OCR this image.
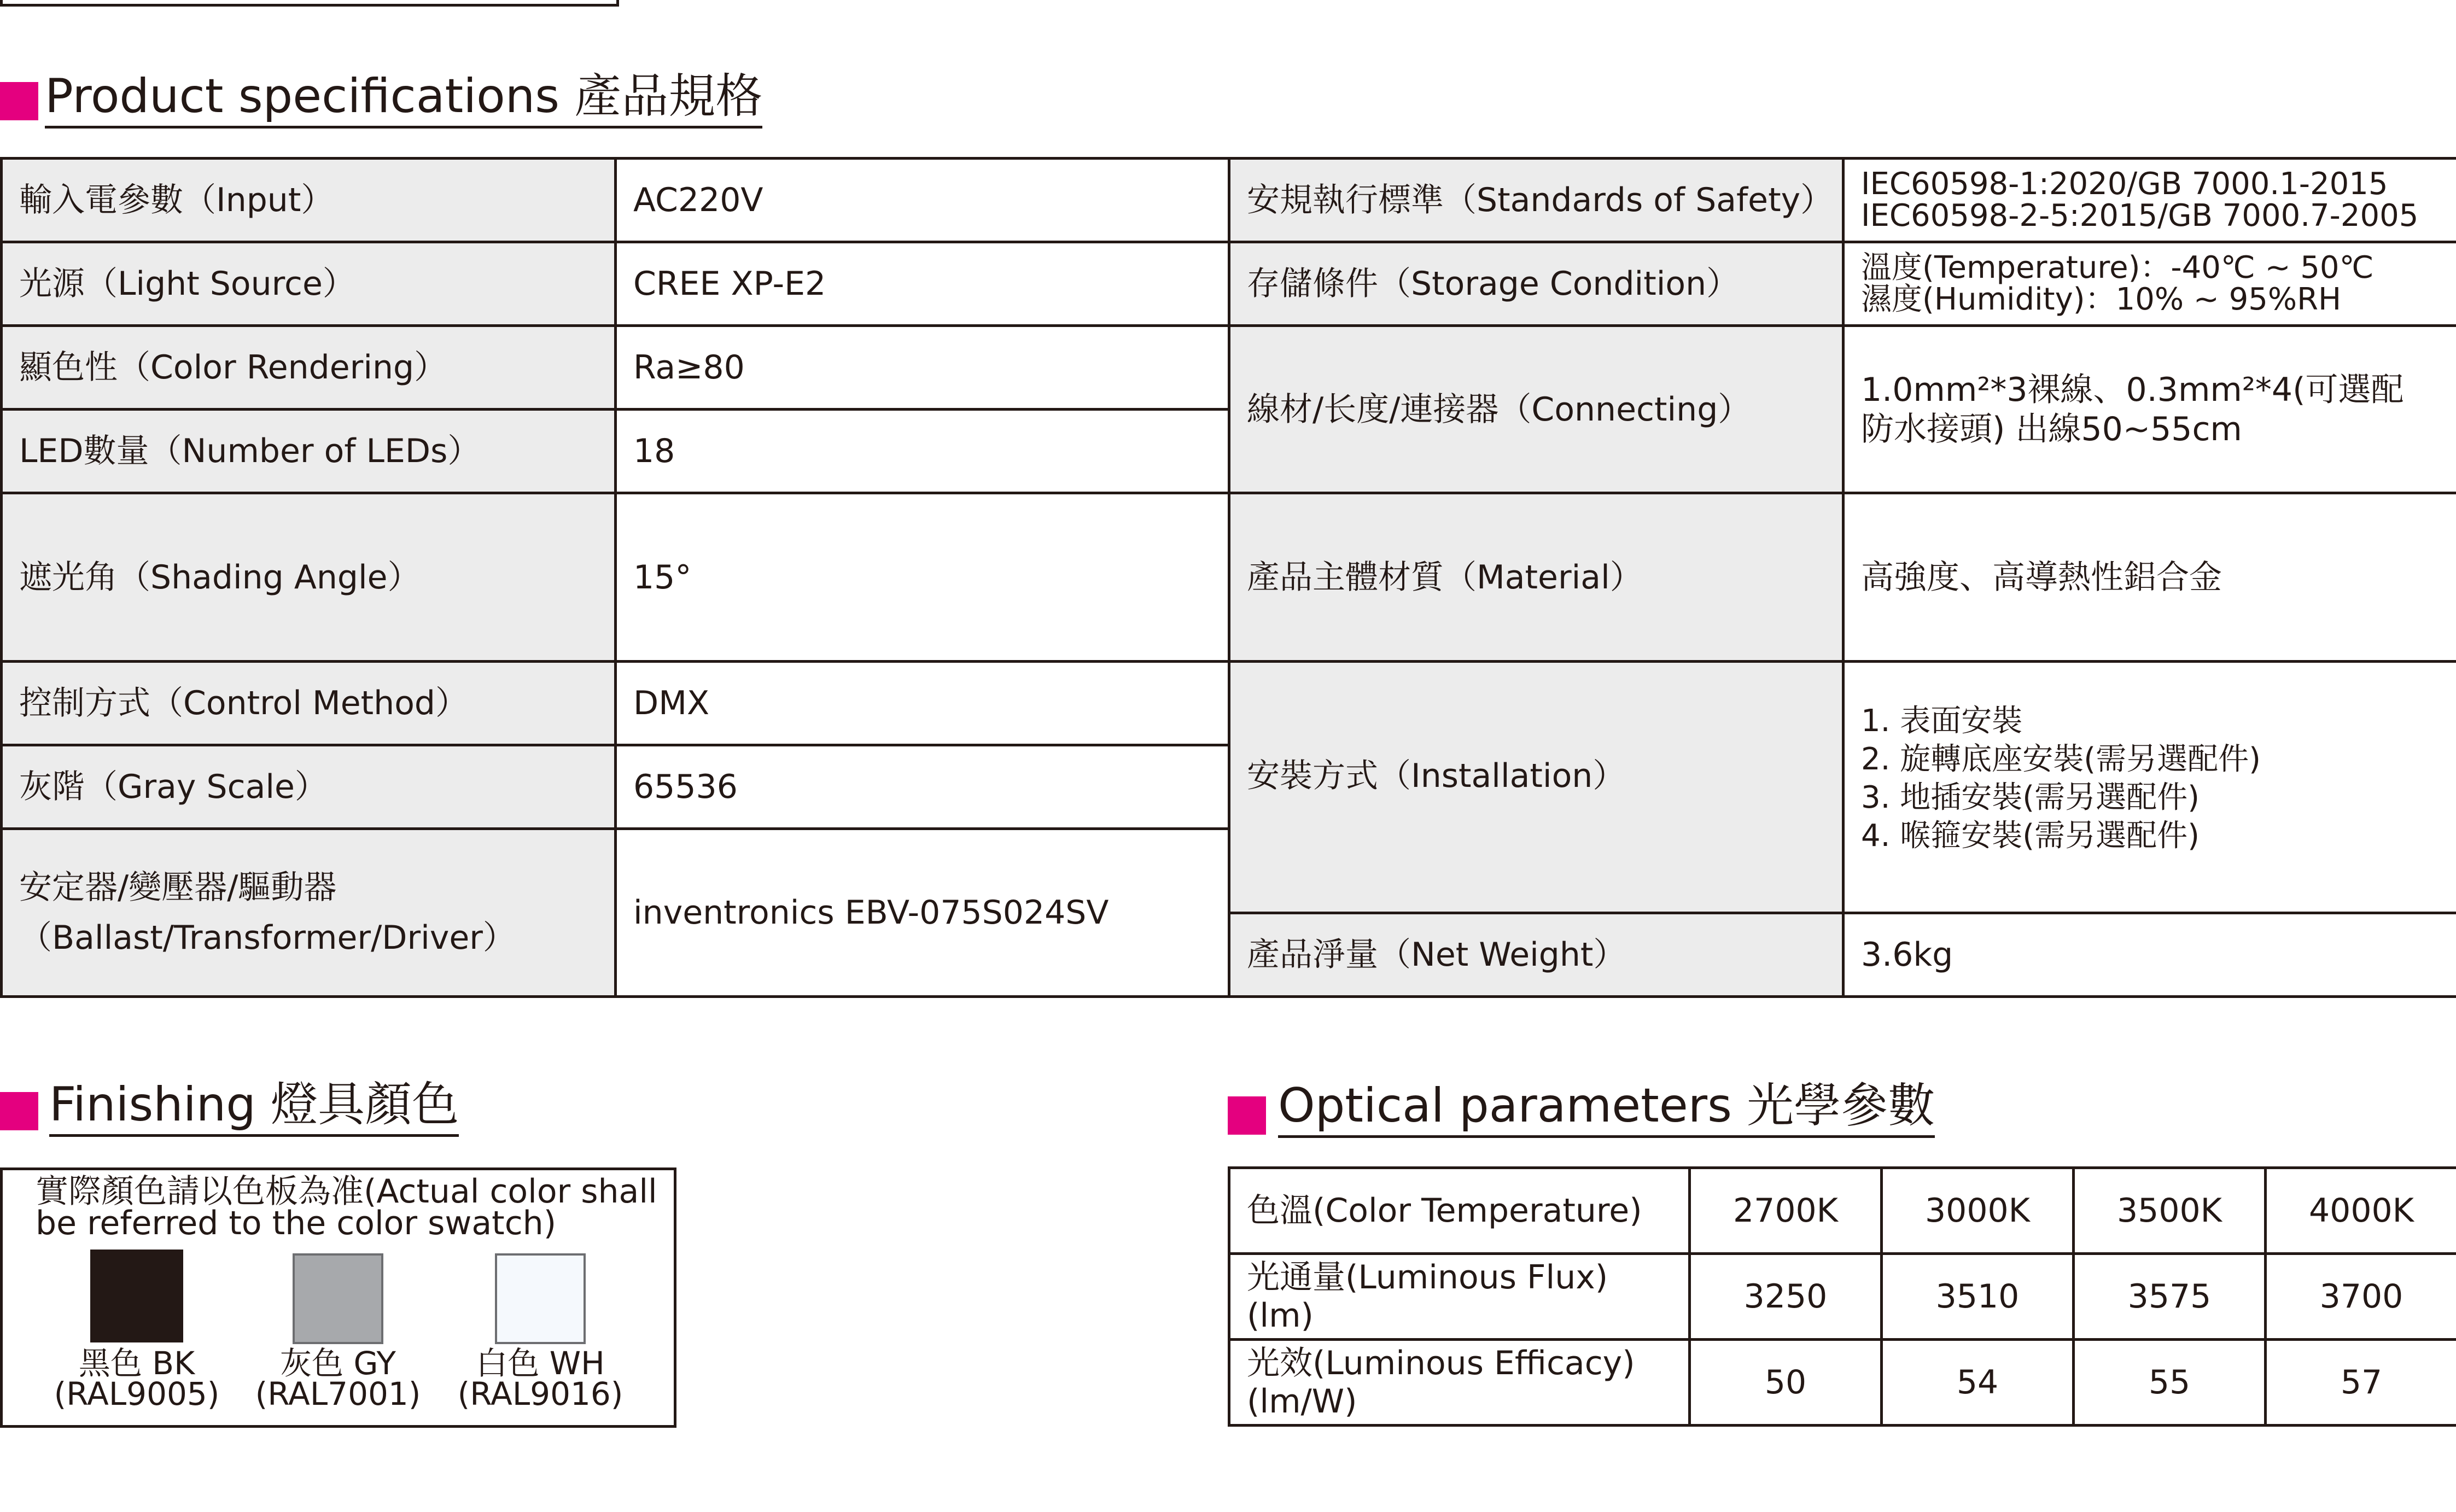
Product specifications 產品規格
輸入電參數（Input）	AC220V	安規執行標準（Standards of Safety）	IEC60598-1:2020/GB 7000.1-2015
IEC60598-2-5:2015/GB 7000.7-2005

光源（Light Source）	CREE XP-E2	存儲條件（Storage Condition）	溫度(Temperature)：-40℃ ~ 50℃
濕度(Humidity)：10% ~ 95%RH

顯色性（Color Rendering）	Ra≥80	線材/长度/連接器（Connecting）	1.0mm²*3裸線、0.3mm²*4(可選配
防水接頭) 出線50~55cm

LED數量（Number of LEDs）	18		
遮光角（Shading Angle）	15°	產品主體材質（Material）	高強度、高導熱性鋁合金
控制方式（Control Method）	DMX	安裝方式（Installation）	1. 表面安裝
2. 旋轉底座安裝(需另選配件)
3. 地插安裝(需另選配件)
4. 喉箍安裝(需另選配件)

灰階（Gray Scale）	65536		

安定器/變壓器/驅動器
（Ballast/Transformer/Driver）	inventronics EBV-075S024SV		
		產品淨量（Net Weight）	3.6kg
Finishing 燈具顏色
實際顏色請以色板為准(Actual color shall
be referred to the color swatch)
黑色 BK
(RAL9005)
灰色 GY
(RAL7001)
白色 WH
(RAL9016)
Optical parameters 光學參數
色溫(Color Temperature)	2700K	3000K	3500K	4000K
光通量(Luminous Flux)(lm)	3250	3510	3575	3700
光效(Luminous Efficacy)(lm/W)	50	54	55	57
